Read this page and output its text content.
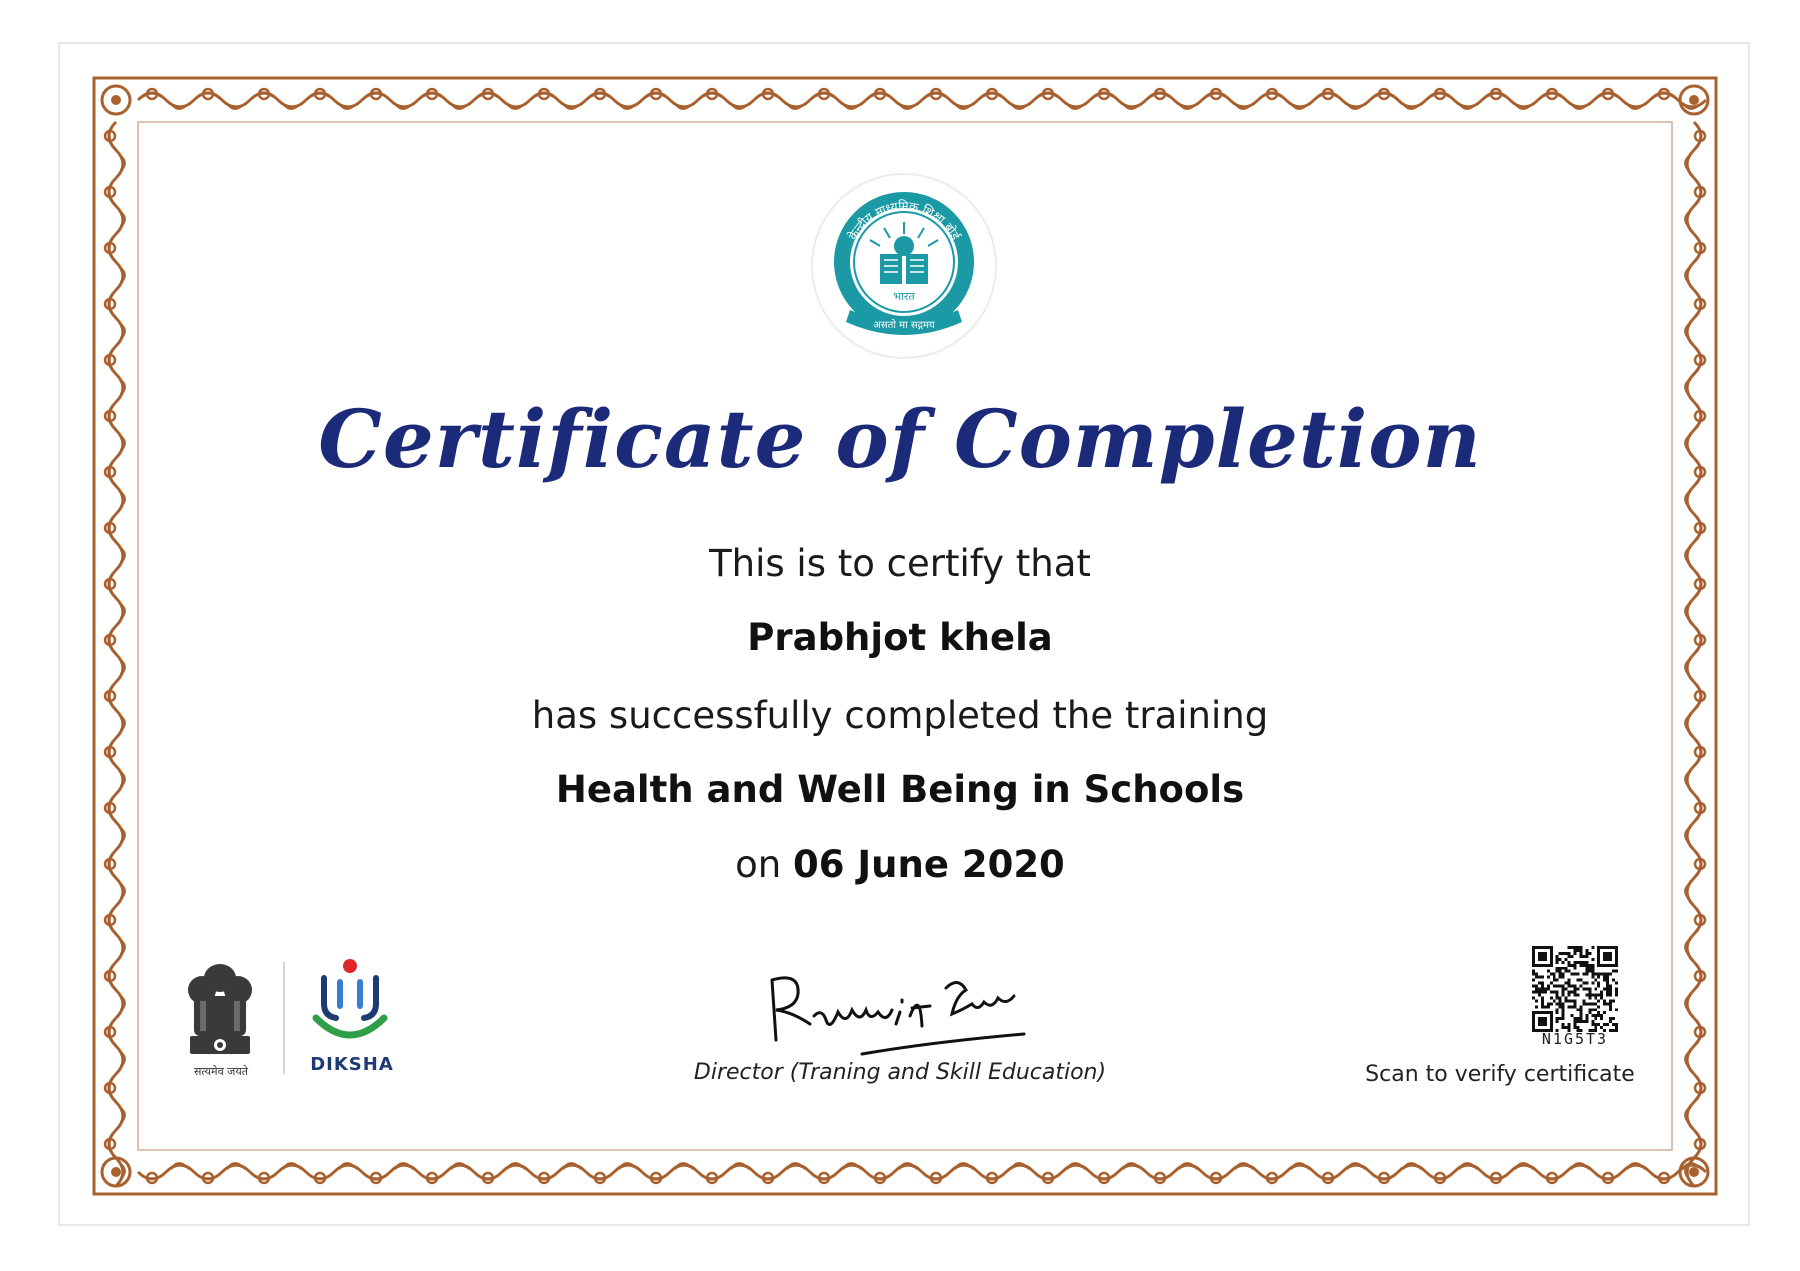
केन्द्रीय माध्यमिक शिक्षा बोर्ड
भारत
असतो मा सद्गमय
Certificate of Completion
This is to certify that
Prabhjot khela
has successfully completed the training
Health and Well Being in Schools
on 06 June 2020
सत्यमेव जयते	DIKSHA	Director (Traning and Skill Education)
N1G5T3
Scan to verify certificate
